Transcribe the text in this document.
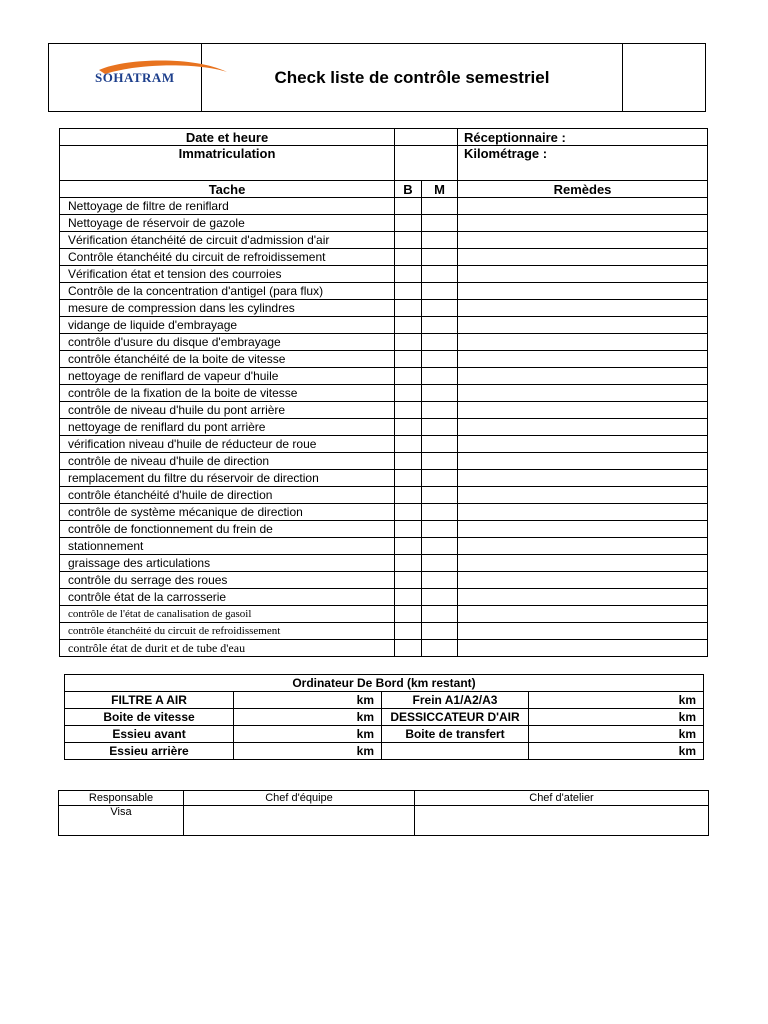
SOHATRAM	Check liste de contrôle semestriel	
Date et heure			Réceptionnaire :
Immatriculation			Kilométrage :
Tache	B	M	Remèdes
Nettoyage de filtre de reniflard			
Nettoyage de réservoir de gazole			
Vérification étanchéité de circuit d'admission d'air			
Contrôle étanchéité du circuit de refroidissement			
Vérification état et tension des courroies			
Contrôle de la concentration d'antigel (para flux)			
mesure de compression dans les cylindres			
vidange de liquide d'embrayage			
contrôle d'usure du disque d'embrayage			
contrôle étanchéité de la boite de vitesse			
nettoyage de reniflard de vapeur d'huile			
contrôle de la fixation de la boite de vitesse			
contrôle de niveau d'huile du pont arrière			
nettoyage de reniflard du pont arrière			
vérification niveau d'huile de réducteur de roue			
contrôle de niveau d'huile de direction			
remplacement du filtre du réservoir de direction			
contrôle étanchéité d'huile de direction			
contrôle de système mécanique de direction			
contrôle de fonctionnement du frein de			
stationnement			
graissage des articulations			
contrôle du serrage des roues			
contrôle état de la carrosserie			
contrôle de l'état de canalisation de gasoil			
contrôle étanchéité du circuit de refroidissement			
contrôle état de durit et de tube d'eau			
Ordinateur De Bord (km restant)			
FILTRE A AIR	km	Frein A1/A2/A3	km
Boite de vitesse	km	DESSICCATEUR D'AIR	km
Essieu avant	km	Boite de transfert	km
Essieu arrière	km		km
Responsable	Chef d'équipe	Chef d'atelier
Visa		
